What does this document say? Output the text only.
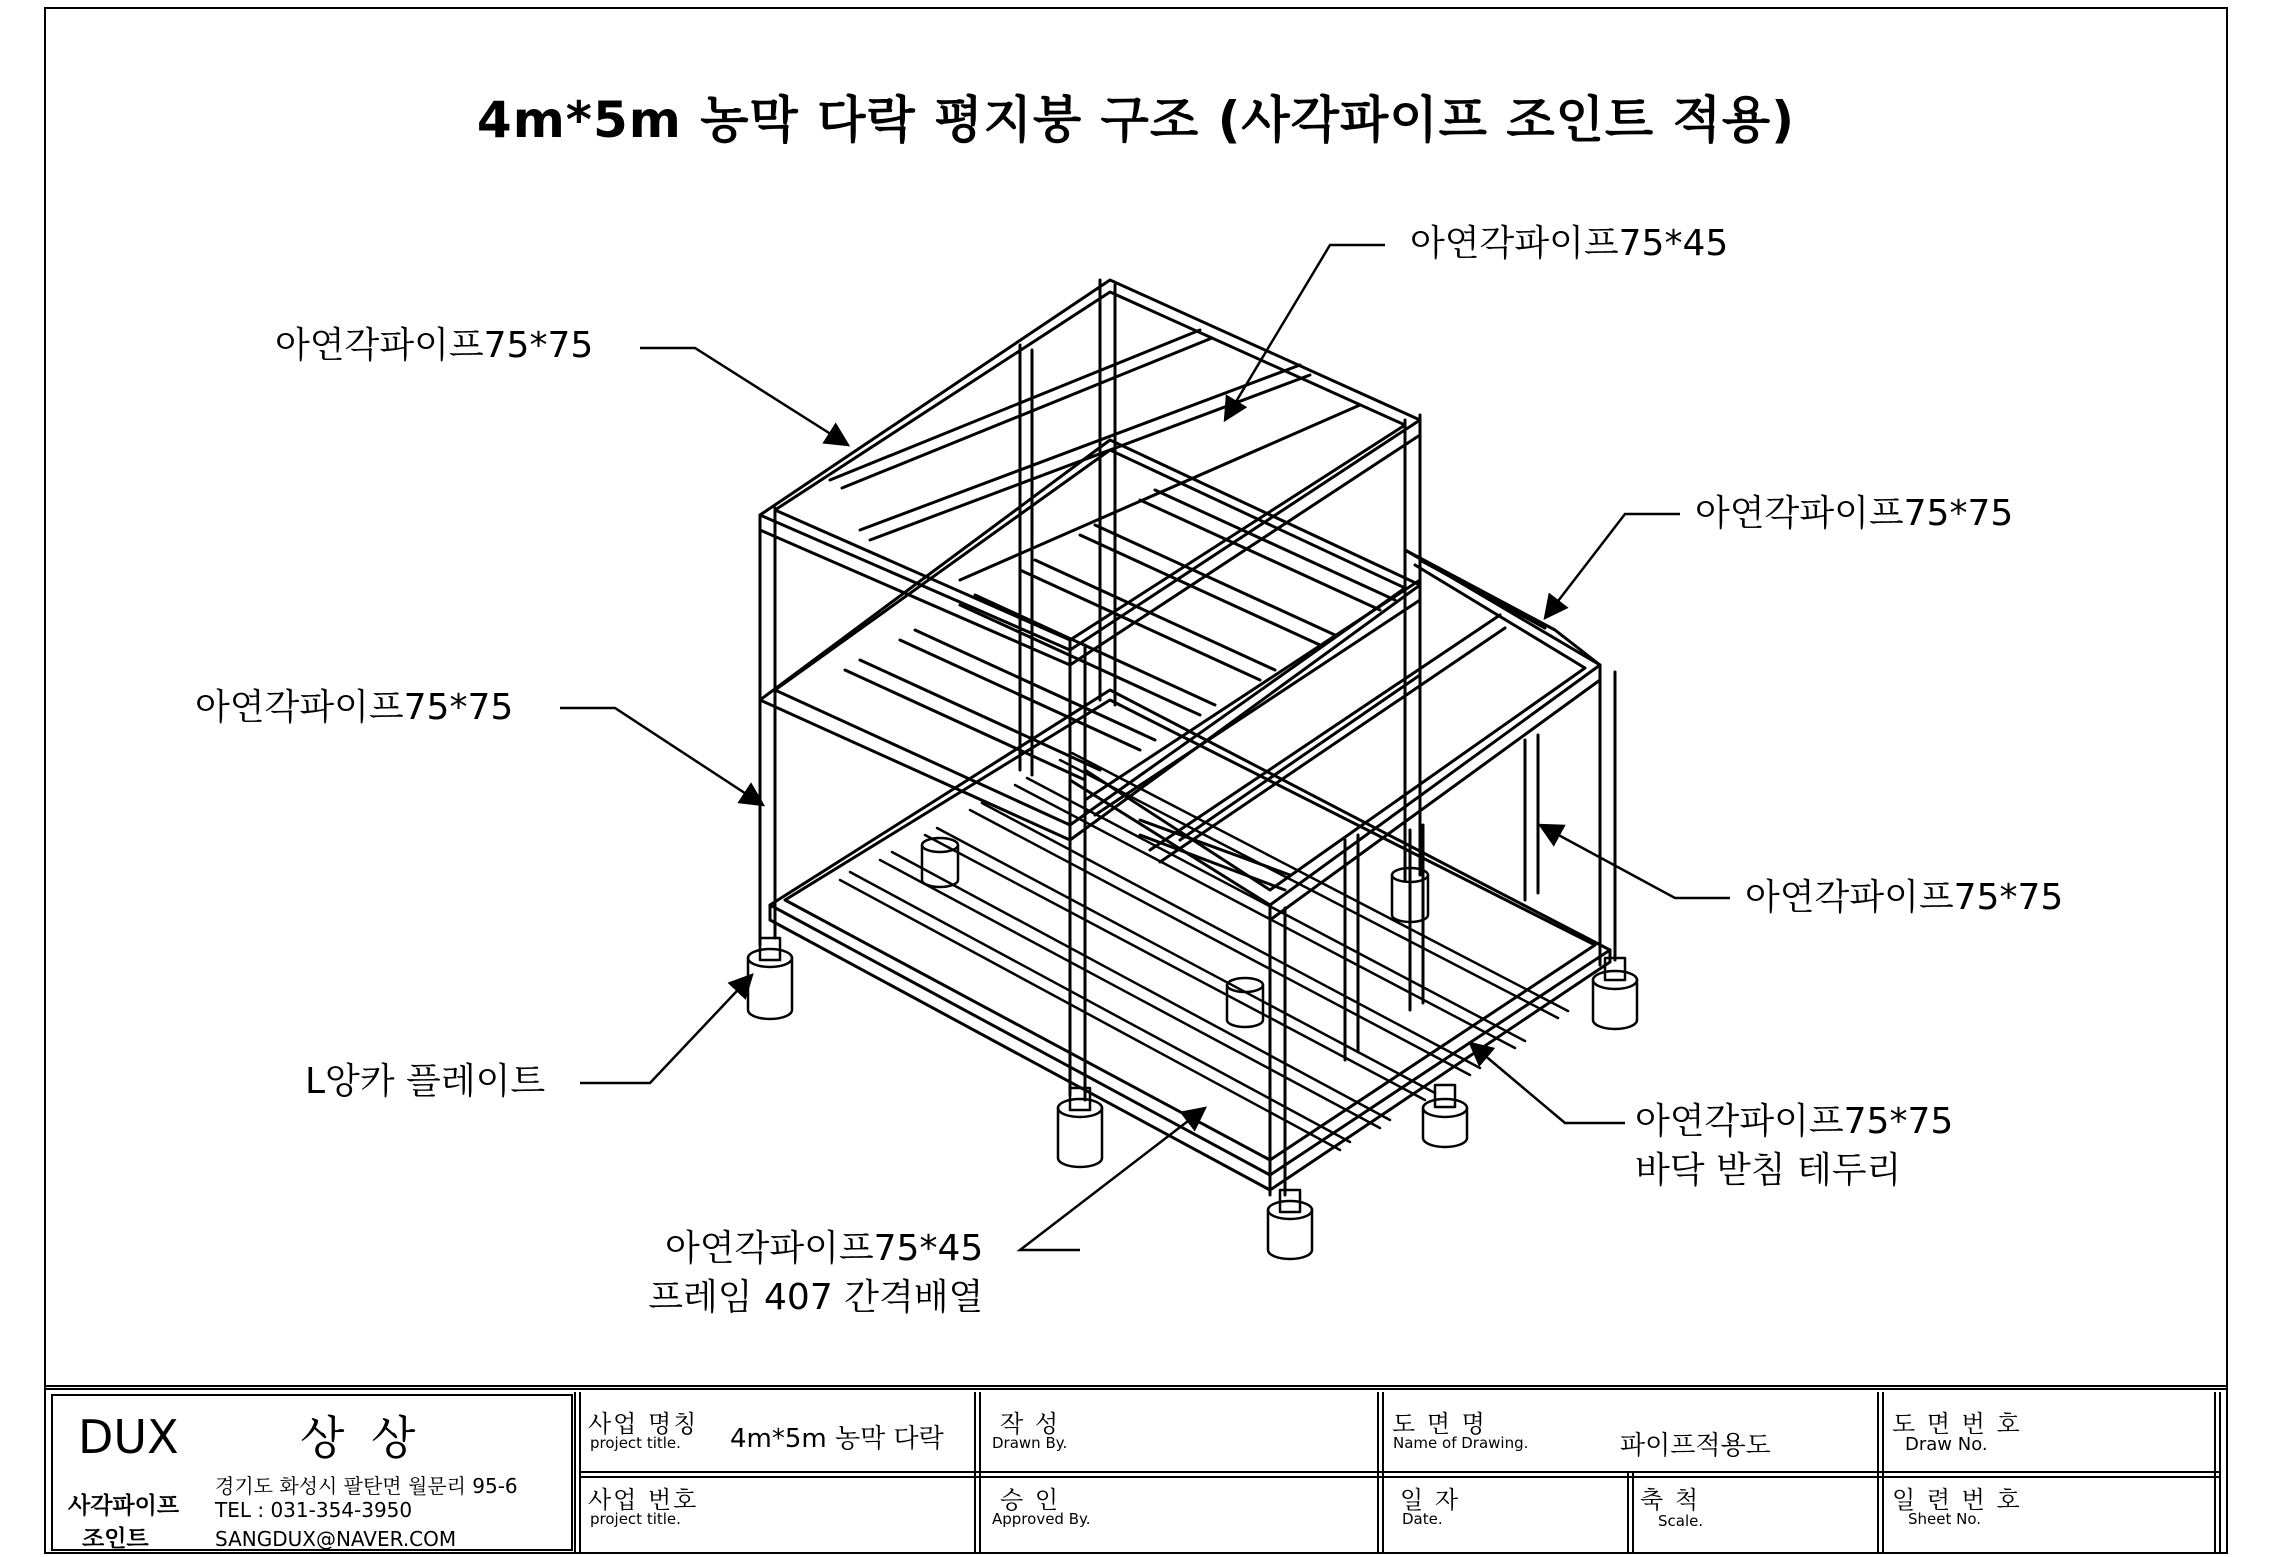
4m*5m 농막 다락 평지붕 구조 (사각파이프 조인트 적용)
아연각파이프75*45
아연각파이프75*75
아연각파이프75*75
아연각파이프75*75
아연각파이프75*75
L앙카 플레이트
아연각파이프75*75
바닥 받침 테두리
아연각파이프75*45
프레임 407 간격배열
DUX	상 상
사각파이프
조인트
경기도 화성시 팔탄면 월문리 95-6
TEL : 031-354-3950
SANGDUX@NAVER.COM
사업 명칭
project title. 4m*5m 농막 다락
사업 번호
project title.
작 성
Drawn By.
승 인
Approved By.
도 면 명
Name of Drawing.	파이프적용도
일 자
Date.
축 척
Scale.
도 면 번 호
Draw No.
일 련 번 호
Sheet No.
